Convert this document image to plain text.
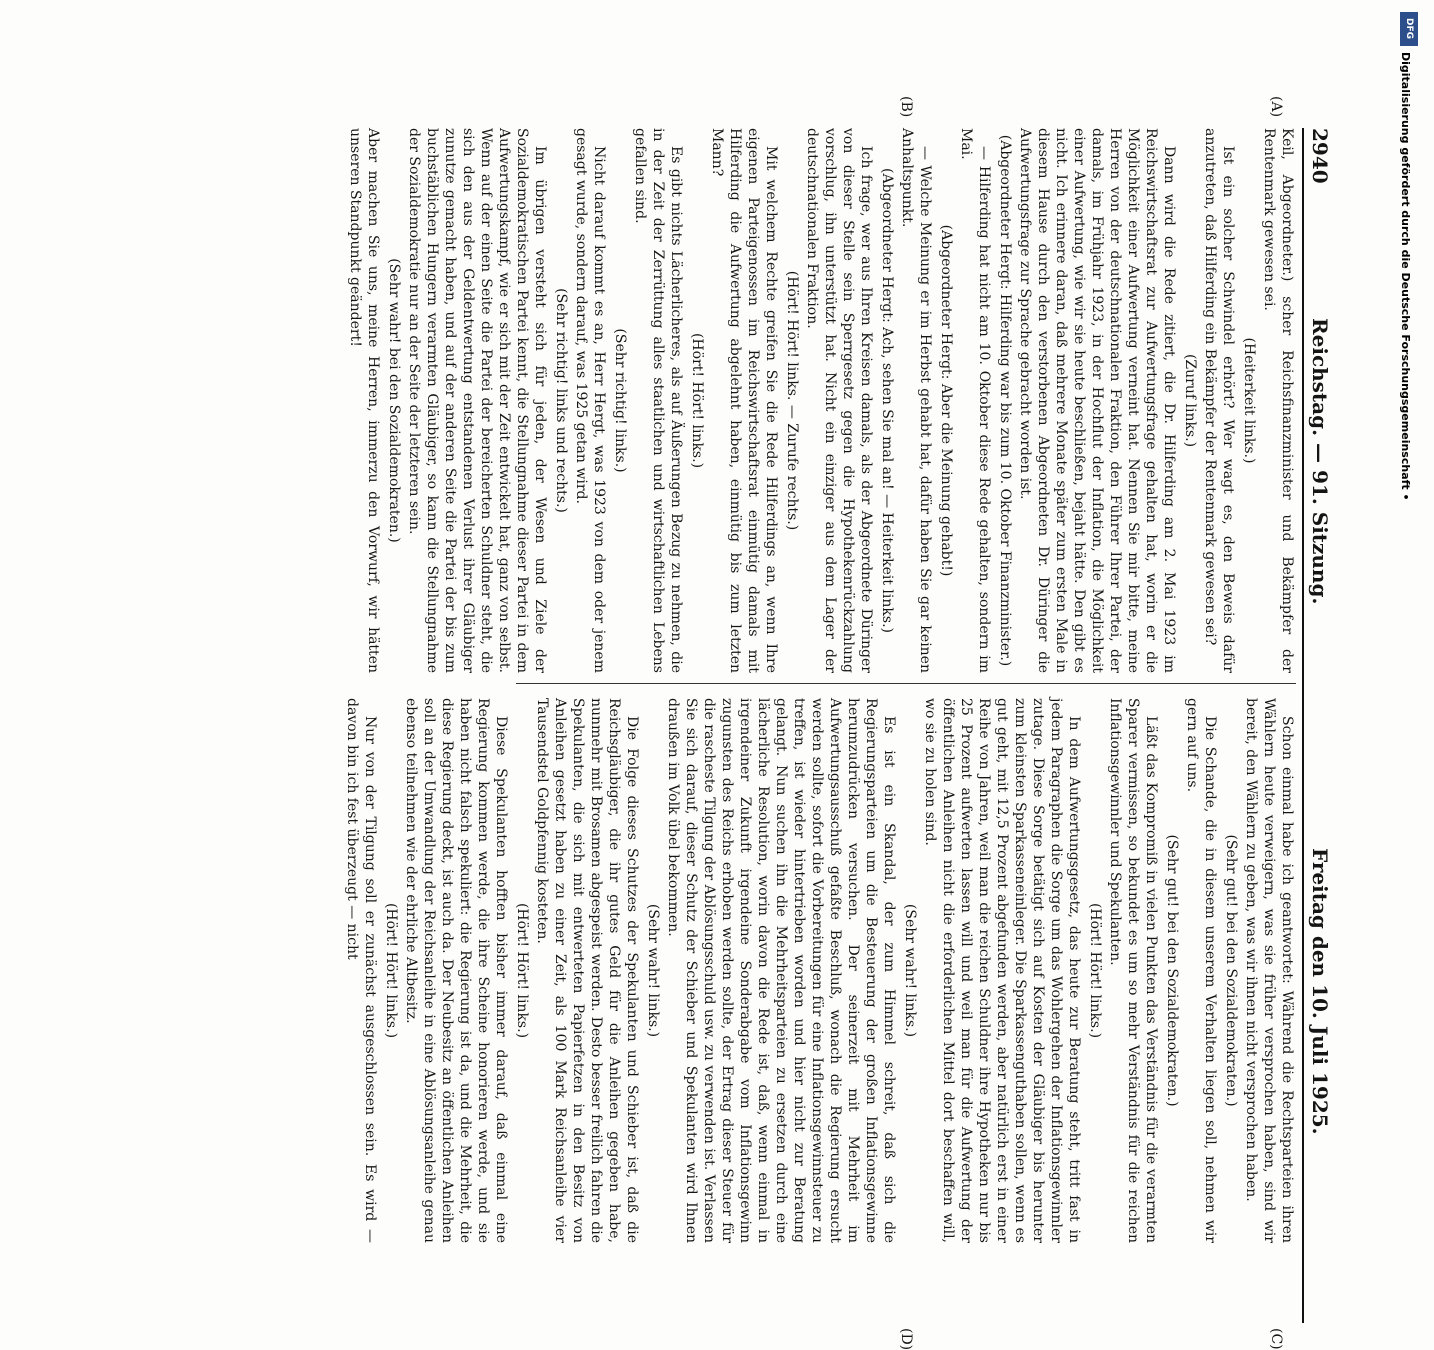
2940
Reichstag. — 91. Sitzung.
Freitag den 10. Juli 1925.
(A)
(B)
(C)
(D)

Keil, Abgeordneter.) scher Reichsfinanzminister und Bekämpfer der Rentenmark gewesen sei.

(Heiterkeit links.)

Ist ein solcher Schwindel erhört? Wer wagt es, den Beweis dafür anzutreten, daß Hilferding ein Bekämpfer der Rentenmark gewesen sei?

(Zuruf links.)

Dann wird die Rede zitiert, die Dr. Hilferding am 2. Mai 1923 im Reichswirtschaftsrat zur Aufwertungsfrage gehalten hat, worin er die Möglichkeit einer Aufwertung verneint hat. Nennen Sie mir bitte, meine Herren von der deutschnationalen Fraktion, den Führer Ihrer Partei, der damals, im Frühjahr 1923, in der Hochflut der Inflation, die Möglichkeit einer Aufwertung, wie wir sie heute beschließen, bejaht hätte. Den gibt es nicht. Ich erinnere daran, daß mehrere Monate später zum ersten Male in diesem Hause durch den verstorbenen Abgeordneten Dr. Düringer die Aufwertungsfrage zur Sprache gebracht worden ist.

(Abgeordneter Hergt: Hilferding war bis zum 10. Oktober Finanzminister.)

— Hilferding hat nicht am 10. Oktober diese Rede gehalten, sondern im Mai.

(Abgeordneter Hergt: Aber die Meinung gehabt!)

— Welche Meinung er im Herbst gehabt hat, dafür haben Sie gar keinen Anhaltspunkt.

(Abgeordneter Hergt: Ach, sehen Sie mal an! — Heiterkeit links.)

Ich frage, wer aus Ihren Kreisen damals, als der Abgeordnete Düringer von dieser Stelle sein Sperrgesetz gegen die Hypothekenrückzahlung vorschlug, ihn unterstützt hat. Nicht ein einziger aus dem Lager der deutschnationalen Fraktion.

(Hört! Hört! links. — Zurufe rechts.)

Mit welchem Rechte greifen Sie die Rede Hilferdings an, wenn Ihre eigenen Parteigenossen im Reichswirtschaftsrat einmütig damals mit Hilferding die Aufwertung abgelehnt haben, einmütig bis zum letzten Mann?

(Hört! Hört! links.)

Es gibt nichts Lächerlicheres, als auf Äußerungen Bezug zu nehmen, die in der Zeit der Zerrüttung alles staatlichen und wirtschaftlichen Lebens gefallen sind.

(Sehr richtig! links.)

Nicht darauf kommt es an, Herr Hergt, was 1923 von dem oder jenem gesagt wurde, sondern darauf, was 1925 getan wird.

(Sehr richtig! links und rechts.)

Im übrigen versteht sich für jeden, der Wesen und Ziele der Sozialdemokratischen Partei kennt, die Stellungnahme dieser Partei in dem Aufwertungskampf, wie er sich mit der Zeit entwickelt hat, ganz von selbst. Wenn auf der einen Seite die Partei der bereicherten Schuldner steht, die sich den aus der Geldentwertung entstandenen Verlust ihrer Gläubiger zunutze gemacht haben, und auf der anderen Seite die Partei der bis zum buchstäblichen Hungern verarmten Gläubiger, so kann die Stellungnahme der Sozialdemokratie nur an der Seite der letzteren sein.

(Sehr wahr! bei den Sozialdemokraten.)

Aber machen Sie uns, meine Herren, immerzu den Vorwurf, wir hätten unseren Standpunkt geändert!

Schon einmal habe ich geantwortet: Während die Rechtsparteien ihren Wählern heute verweigern, was sie früher versprochen haben, sind wir bereit, den Wählern zu geben, was wir ihnen nicht versprochen haben.

(Sehr gut! bei den Sozialdemokraten.)

Die Schande, die in diesem unserem Verhalten liegen soll, nehmen wir gern auf uns.

(Sehr gut! bei den Sozialdemokraten.)

Läßt das Kompromiß in vielen Punkten das Verständnis für die verarmten Sparer vermissen, so bekundet es um so mehr Verständnis für die reichen Inflationsgewinnler und Spekulanten.

(Hört! Hört! links.)

In dem Aufwertungsgesetz, das heute zur Beratung steht, tritt fast in jedem Paragraphen die Sorge um das Wohlergehen der Inflationsgewinnler zutage. Diese Sorge betätigt sich auf Kosten der Gläubiger bis herunter zum kleinsten Sparkasseneinleger. Die Sparkassenguthaben sollen, wenn es gut geht, mit 12,5 Prozent abgefunden werden, aber natürlich erst in einer Reihe von Jahren, weil man die reichen Schuldner ihre Hypotheken nur bis 25 Prozent aufwerten lassen will und weil man für die Aufwertung der öffentlichen Anleihen nicht die erforderlichen Mittel dort beschaffen will, wo sie zu holen sind.

(Sehr wahr! links.)

Es ist ein Skandal, der zum Himmel schreit, daß sich die Regierungsparteien um die Besteuerung der großen Inflationsgewinne herumzudrücken versuchen. Der seinerzeit mit Mehrheit im Aufwertungsausschuß gefaßte Beschluß, wonach die Regierung ersucht werden sollte, sofort die Vorbereitungen für eine Inflationsgewinnsteuer zu treffen, ist wieder hintertrieben worden und hier nicht zur Beratung gelangt. Nun suchen ihn die Mehrheitsparteien zu ersetzen durch eine lächerliche Resolution, worin davon die Rede ist, daß, wenn einmal in irgendeiner Zukunft irgendeine Sonderabgabe vom Inflationsgewinn zugunsten des Reichs erhoben werden sollte, der Ertrag dieser Steuer für die rascheste Tilgung der Ablösungsschuld usw. zu verwenden ist. Verlassen Sie sich darauf, dieser Schutz der Schieber und Spekulanten wird Ihnen draußen im Volk übel bekommen.

(Sehr wahr! links.)

Die Folge dieses Schutzes der Spekulanten und Schieber ist, daß die Reichsgläubiger, die ihr gutes Geld für die Anleihen gegeben habe, nunmehr mit Brosamen abgespeist werden. Desto besser freilich fahren die Spekulanten, die sich mit entwerteten Papierfetzen in den Besitz von Anleihen gesetzt haben zu einer Zeit, als 100 Mark Reichsanleihe vier Tausendstel Goldpfennig kosteten.

(Hört! Hört! links.)

Diese Spekulanten hofften bisher immer darauf, daß einmal eine Regierung kommen werde, die ihre Scheine honorieren werde, und sie haben nicht falsch spekuliert: die Regierung ist da, und die Mehrheit, die diese Regierung deckt, ist auch da. Der Neubesitz an öffentlichen Anleihen soll an der Umwandlung der Reichsanleihe in eine Ablösungsanleihe genau ebenso teilnehmen wie der ehrliche Altbesitz.

(Hört! Hört! links.)

Nur von der Tilgung soll er zunächst ausgeschlossen sein. Es wird — davon bin ich fest überzeugt — nicht

DFG
Digitalisierung gefördert durch die Deutsche Forschungsgemeinschaft •
